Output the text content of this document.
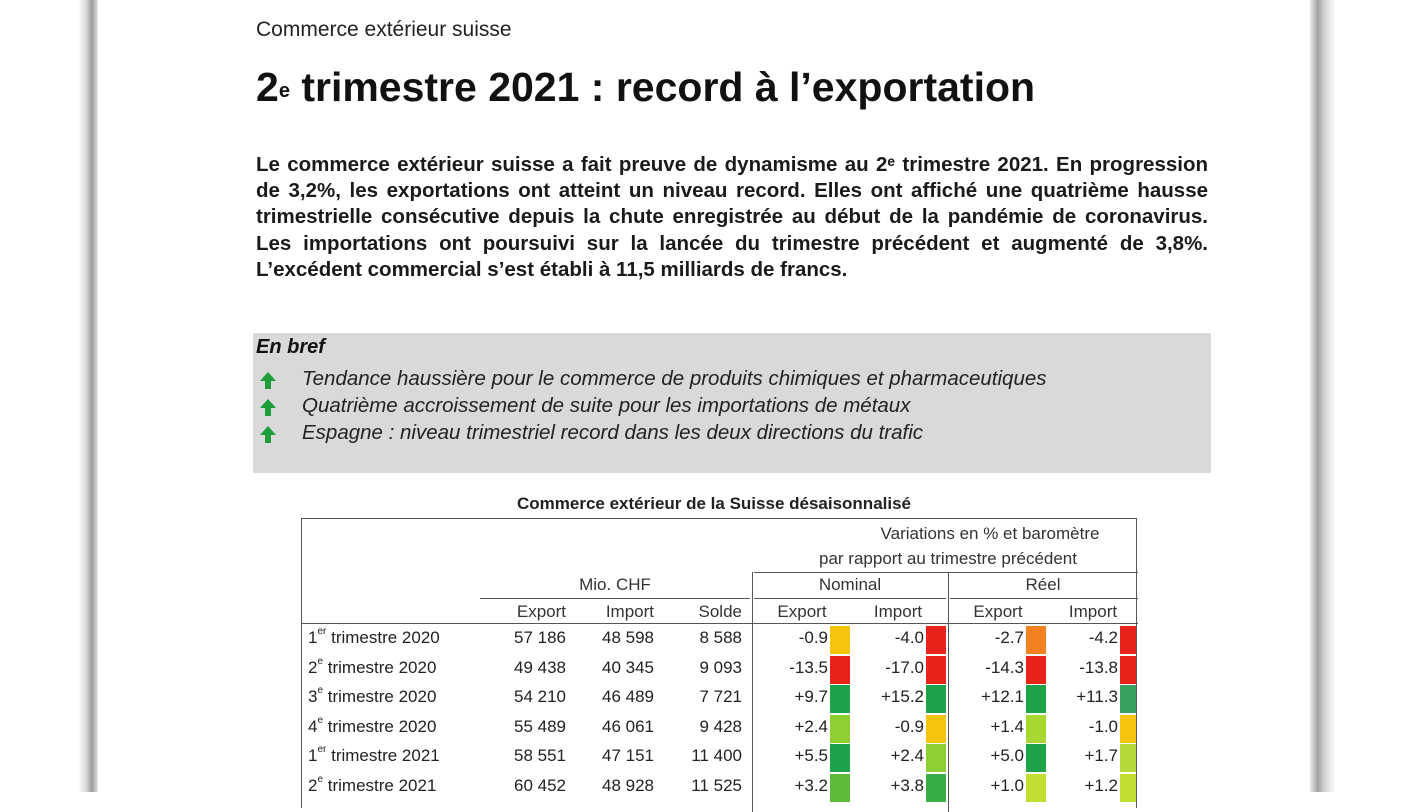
Commerce extérieur suisse
2e trimestre 2021 : record à l’exportation

Le commerce extérieur suisse a fait preuve de dynamisme au 2ᵉ trimestre 2021. En progression de 3,2%, les exportations ont atteint un niveau record. Elles ont affiché une quatrième hausse trimestrielle consécutive depuis la chute enregistrée au début de la pandémie de coronavirus. Les importations ont poursuivi sur la lancée du trimestre précédent et augmenté de 3,8%. L’excédent commercial s’est établi à 11,5 milliards de francs.

En bref
Tendance haussière pour le commerce de produits chimiques et pharmaceutiques
Quatrième accroissement de suite pour les importations de métaux
Espagne : niveau trimestriel record dans les deux directions du trafic
Commerce extérieur de la Suisse désaisonnalisé
Variations en % et baromètre
par rapport au trimestre précédent
Mio. CHF	Nominal	Réel
Export	Import	Solde	Export	Import	Export	Import
1er trimestre 2020	57 186	48 598	8 588	-0.9	-4.0	-2.7	-4.2
2e trimestre 2020	49 438	40 345	9 093	-13.5	-17.0	-14.3	-13.8
3e trimestre 2020	54 210	46 489	7 721	+9.7	+15.2	+12.1	+11.3
4e trimestre 2020	55 489	46 061	9 428	+2.4	-0.9	+1.4	-1.0
1er trimestre 2021	58 551	47 151	11 400	+5.5	+2.4	+5.0	+1.7
2e trimestre 2021	60 452	48 928	11 525	+3.2	+3.8	+1.0	+1.2
